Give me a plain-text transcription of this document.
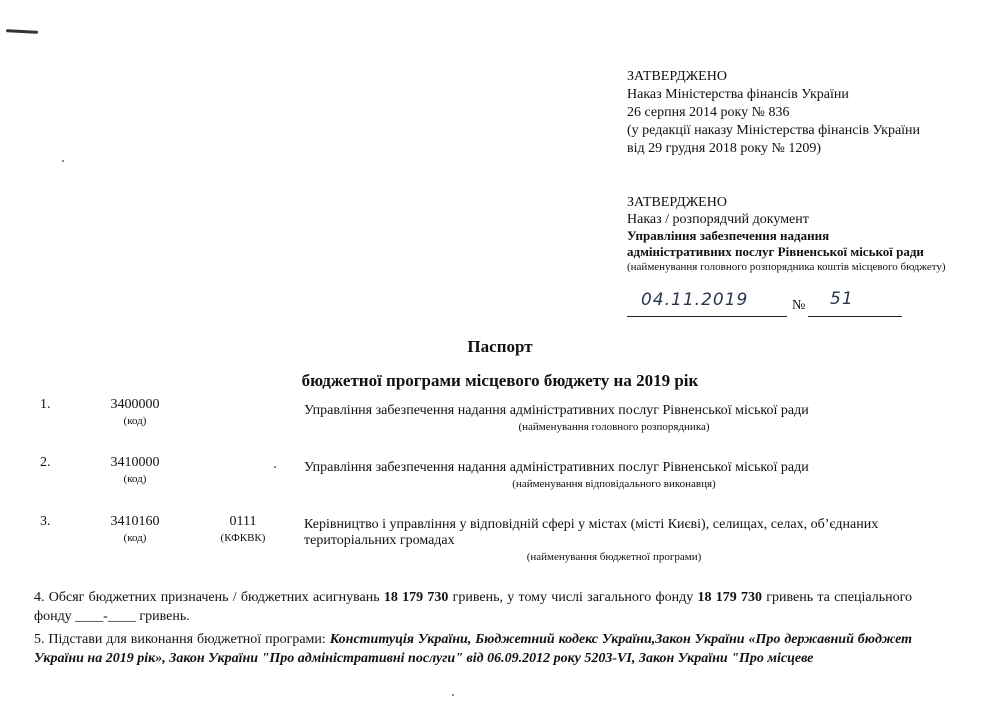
ЗАТВЕРДЖЕНО
Наказ Міністерства фінансів України
26 серпня 2014 року № 836
(у редакції наказу Міністерства фінансів України
від 29 грудня 2018 року № 1209)
ЗАТВЕРДЖЕНО
Наказ / розпорядчий документ
Управління забезпечення надання
адміністративних послуг Рівненської міської ради
(найменування головного розпорядника коштів місцевого бюджету)
04.11.2019	№ 51
Паспорт
бюджетної програми місцевого бюджету на 2019 рік
1.	3400000
(код)
Управління забезпечення надання адміністративних послуг Рівненської міської ради
(найменування головного розпорядника)
2.	3410000
(код)
Управління забезпечення надання адміністративних послуг Рівненської міської ради
(найменування відповідального виконавця)
3.	3410160
(код)
0111
(КФКВК)
Керівництво і управління у відповідній сфері у містах (місті Києві), селищах, селах, об’єднаних територіальних громадах
(найменування бюджетної програми)
4. Обсяг бюджетних призначень / бюджетних асигнувань 18 179 730 гривень, у тому числі загального фонду 18 179 730 гривень та спеціального фонду ____-____ гривень.
5. Підстави для виконання бюджетної програми: Конституція України, Бюджетний кодекс України,Закон України «Про державний бюджет України на 2019 рік», Закон України "Про адміністративні послуги" від 06.09.2012 року 5203-VI, Закон України "Про місцеве
